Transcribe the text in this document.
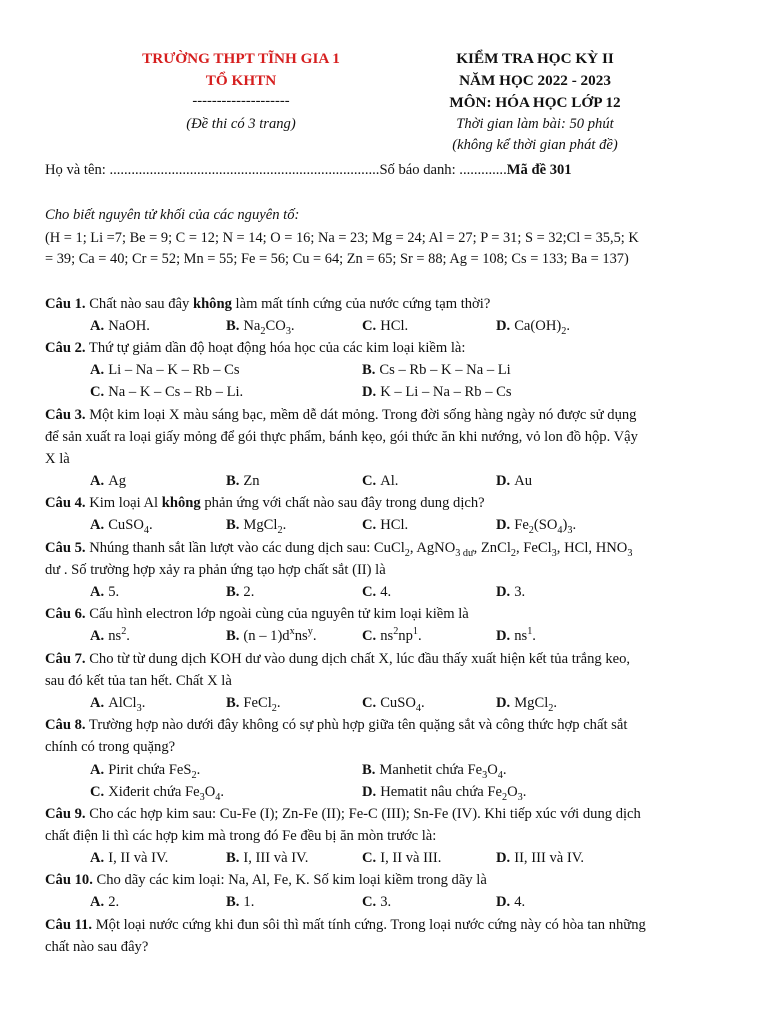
TRƯỜNG THPT TĨNH GIA 1
TỔ KHTN
--------------------
(Đề thi có 3 trang)
KIỂM TRA HỌC KỲ II
NĂM HỌC 2022 - 2023
MÔN: HÓA HỌC LỚP 12
Thời gian làm bài: 50 phút
(không kể thời gian phát đề)
Họ và tên: ..........................................................................Số báo danh: .............Mã đề 301
Cho biết nguyên tử khối của các nguyên tố:
(H = 1; Li =7; Be = 9; C = 12; N = 14; O = 16; Na = 23; Mg = 24; Al = 27; P = 31; S = 32;Cl = 35,5; K
= 39; Ca = 40; Cr = 52; Mn = 55; Fe = 56; Cu = 64; Zn = 65; Sr = 88; Ag = 108; Cs = 133; Ba = 137)
Câu 1. Chất nào sau đây không làm mất tính cứng của nước cứng tạm thời?
A. NaOH.	B. $Na_2CO_3$.	C. HCl.	D. $Ca(OH)_2$.
Câu 2. Thứ tự giảm dần độ hoạt động hóa học của các kim loại kiềm là:
A. Li – Na – K – Rb – Cs	B. Cs – Rb – K – Na – Li
C. Na – K – Cs – Rb – Li.	D. K – Li – Na – Rb – Cs
Câu 3. Một kim loại X màu sáng bạc, mềm dễ dát mỏng. Trong đời sống hàng ngày nó được sử dụng
để sản xuất ra loại giấy mỏng để gói thực phẩm, bánh kẹo, gói thức ăn khi nướng, vỏ lon đồ hộp. Vậy
X là
A. Ag	B. Zn	C. Al.	D. Au
Câu 4. Kim loại Al không phản ứng với chất nào sau đây trong dung dịch?
A. CuSO$_4$.	B. MgCl$_2$.	C. HCl.	D. $Fe_2(SO_4)_3$.
Câu 5. Nhúng thanh sắt lần lượt vào các dung dịch sau: CuCl$_2$, AgNO$_{3 dư}$, ZnCl$_2$, FeCl$_3$, HCl, $HNO_3$
dư . Số trường hợp xảy ra phản ứng tạo hợp chất sắt (II) là
A. 5.	B. 2.	C. 4.	D. 3.
Câu 6. Cấu hình electron lớp ngoài cùng của nguyên tử kim loại kiềm là
A. $ns^2$.	B. $(n - 1)d^xns^y$.	C. $ns^2np^1$.	D. $ns^1$.
Câu 7. Cho từ từ dung dịch KOH dư vào dung dịch chất X, lúc đầu thấy xuất hiện kết tủa trắng keo,
sau đó kết tủa tan hết. Chất X là
A. AlCl$_3$.	B. FeCl$_2$.	C. CuSO$_4$.	D. MgCl$_2$.
Câu 8. Trường hợp nào dưới đây không có sự phù hợp giữa tên quặng sắt và công thức hợp chất sắt
chính có trong quặng?
A. Pirit chứa FeS$_2$.	B. Manhetit chứa $Fe_3O_4$.
C. Xiđerit chứa $Fe_3O_4$.	D. Hematit nâu chứa $Fe_2O_3$.
Câu 9. Cho các hợp kim sau: Cu-Fe (I); Zn-Fe (II); Fe-C (III); Sn-Fe (IV). Khi tiếp xúc với dung dịch
chất điện li thì các hợp kim mà trong đó Fe đều bị ăn mòn trước là:
A. I, II và IV.	B. I, III và IV.	C. I, II và III.	D. II, III và IV.
Câu 10. Cho dãy các kim loại: Na, Al, Fe, K. Số kim loại kiềm trong dãy là
A. 2.	B. 1.	C. 3.	D. 4.
Câu 11. Một loại nước cứng khi đun sôi thì mất tính cứng. Trong loại nước cứng này có hòa tan những
chất nào sau đây?
